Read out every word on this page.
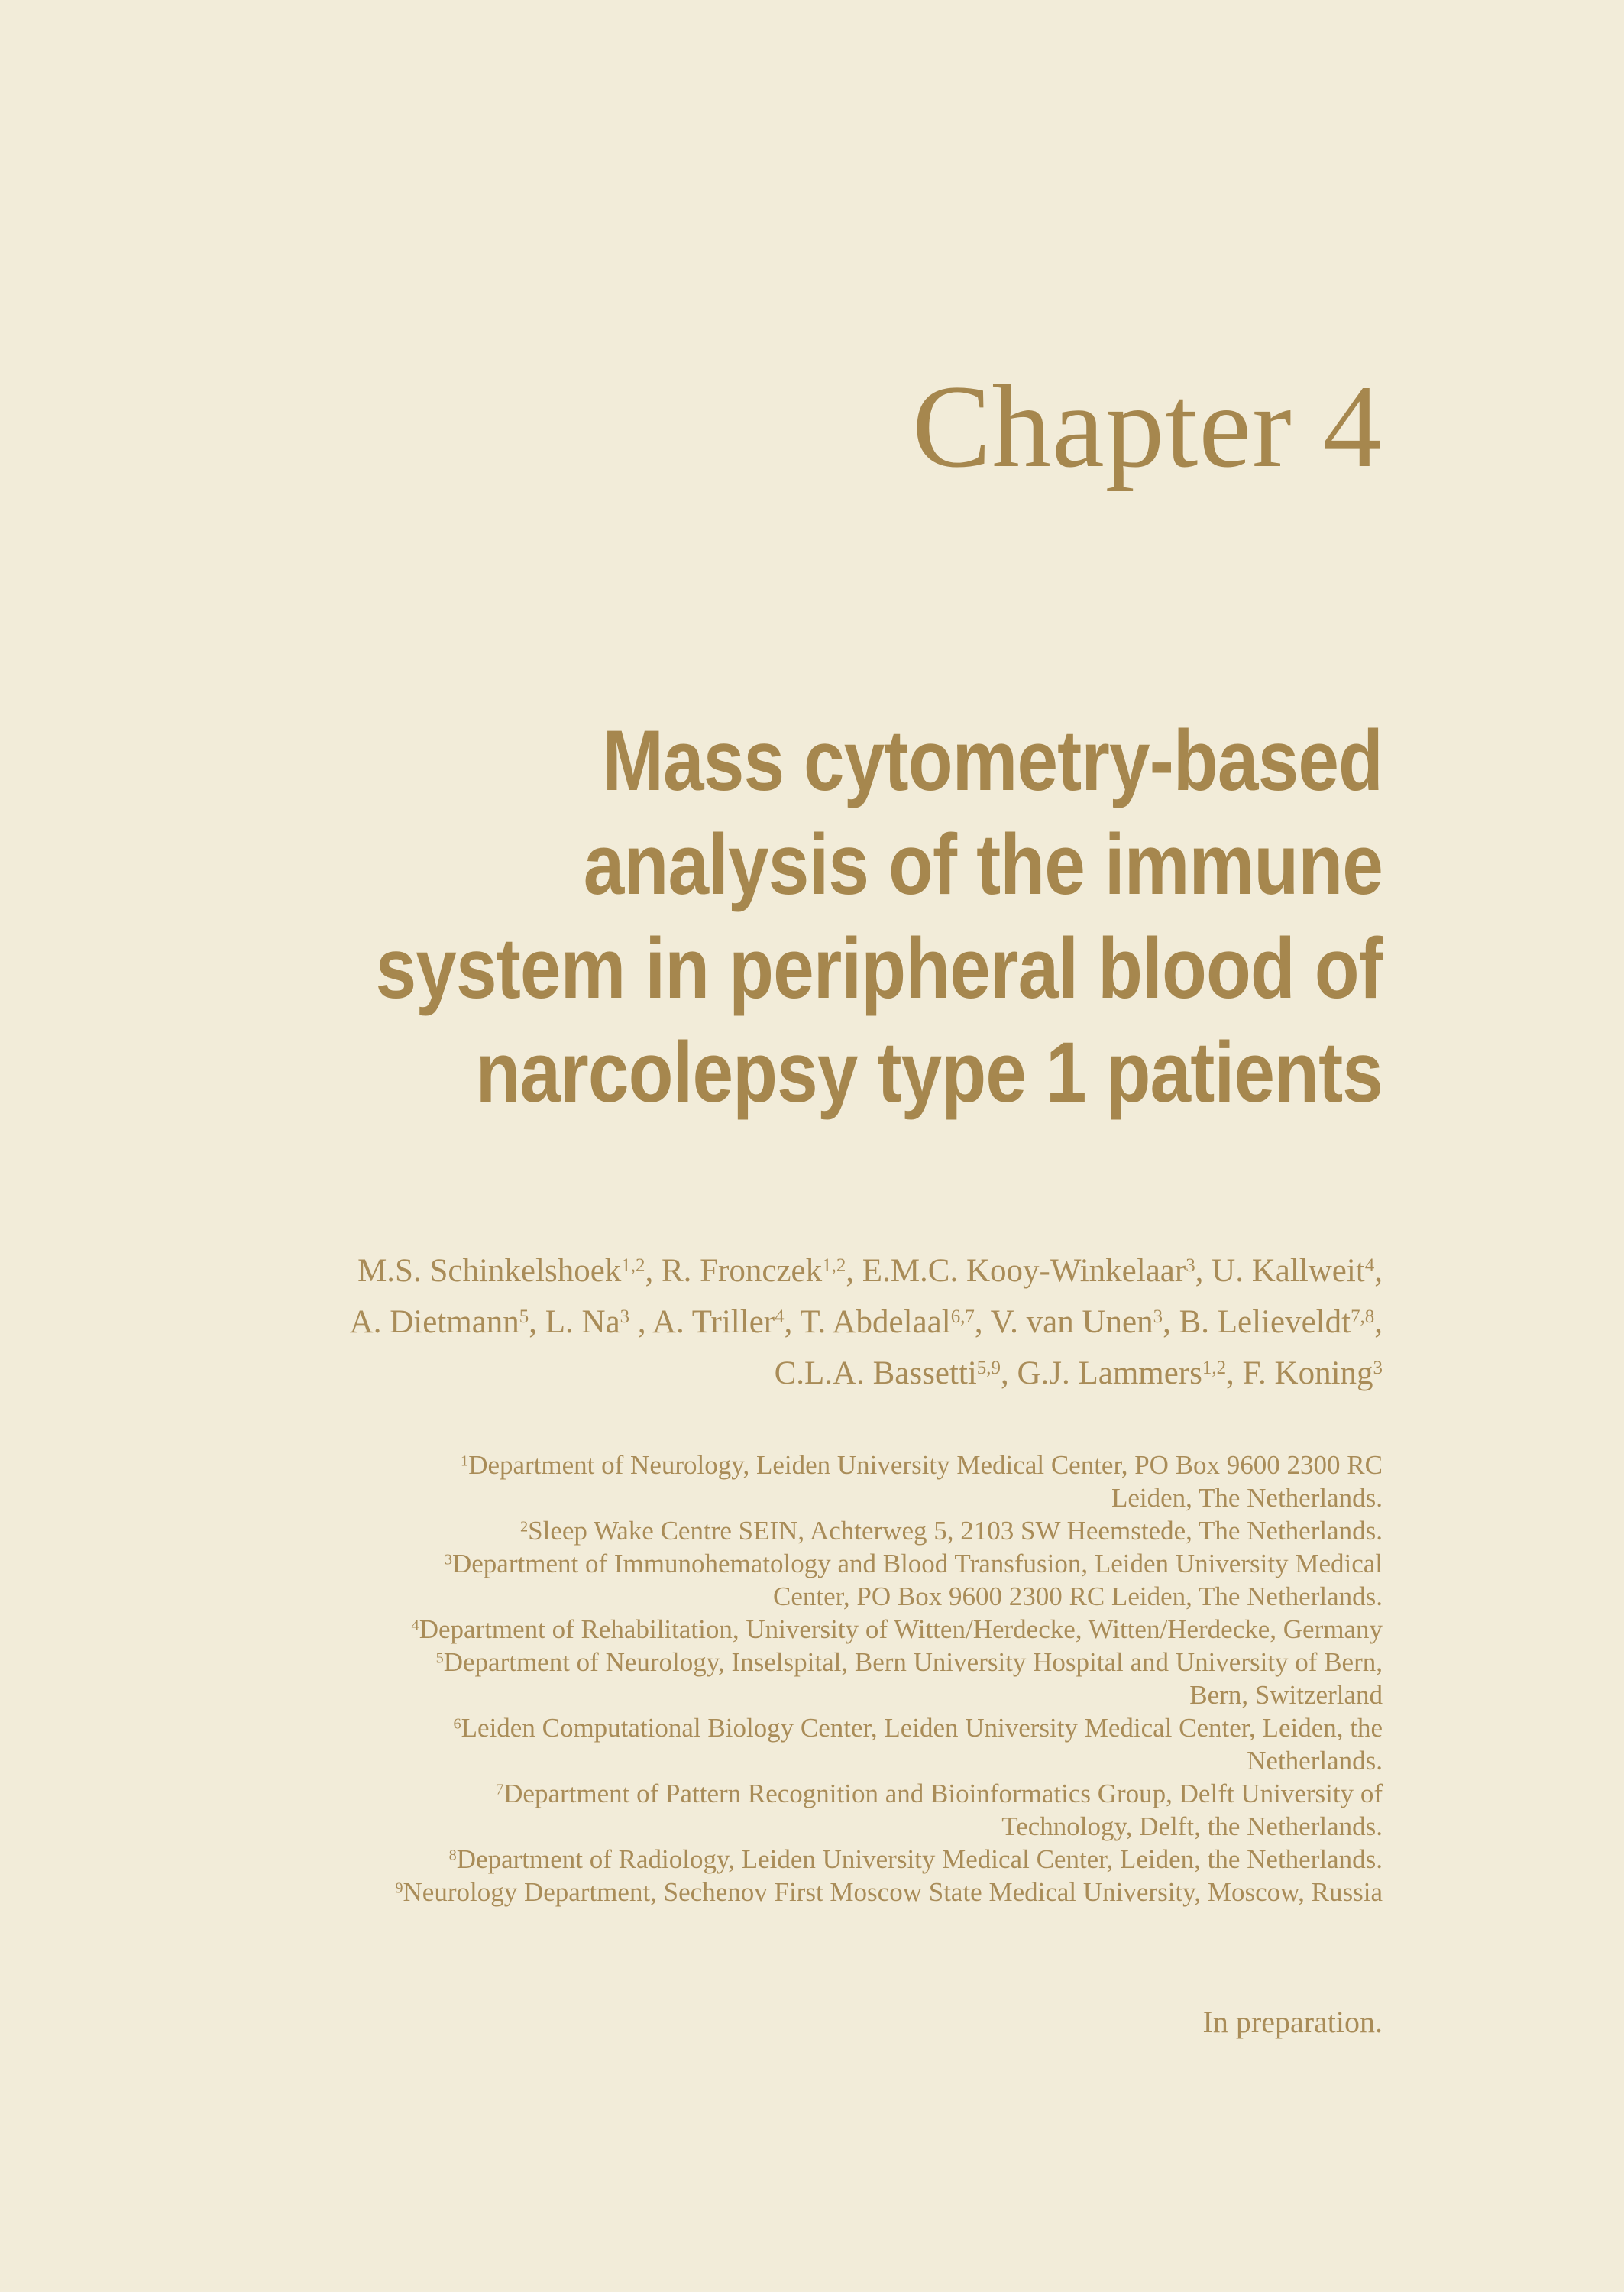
Chapter 4
Mass cytometry-based
analysis of the immune
system in peripheral blood of
narcolepsy type 1 patients
M.S. Schinkelshoek$^{1,2}$, R. Fronczek$^{1,2}$, E.M.C. Kooy-Winkelaar$^3$, U. Kallweit$^4$,
A. Dietmann$^5$, L. Na$^3$ , A. Triller$^4$, T. Abdelaal$^{6,7}$, V. van Unen$^3$, B. Lelieveldt$^{7,8}$,
C.L.A. Bassetti$^{5,9}$, G.J. Lammers$^{1,2}$, F. Koning$^3$
$^1$Department of Neurology, Leiden University Medical Center, PO Box 9600 2300 RC
Leiden, The Netherlands.
$^2$Sleep Wake Centre SEIN, Achterweg 5, 2103 SW Heemstede, The Netherlands.
$^3$Department of Immunohematology and Blood Transfusion, Leiden University Medical
Center, PO Box 9600 2300 RC Leiden, The Netherlands.
$^4$Department of Rehabilitation, University of Witten/Herdecke, Witten/Herdecke, Germany
$^5$Department of Neurology, Inselspital, Bern University Hospital and University of Bern,
Bern, Switzerland
$^6$Leiden Computational Biology Center, Leiden University Medical Center, Leiden, the
Netherlands.
$^7$Department of Pattern Recognition and Bioinformatics Group, Delft University of
Technology, Delft, the Netherlands.
$^8$Department of Radiology, Leiden University Medical Center, Leiden, the Netherlands.
$^9$Neurology Department, Sechenov First Moscow State Medical University, Moscow, Russia
In preparation.
